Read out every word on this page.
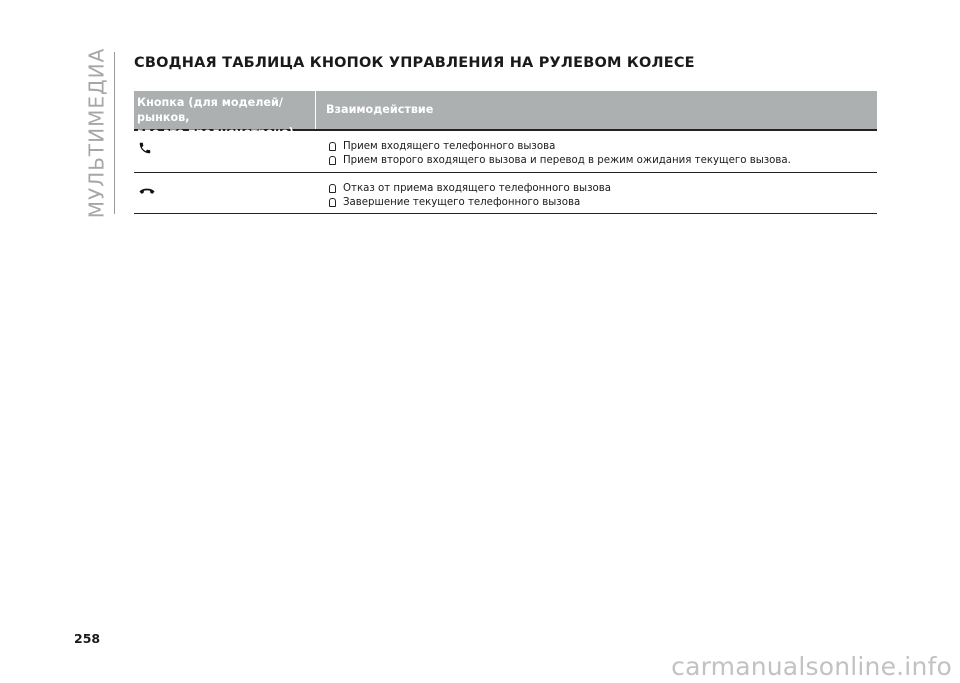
МУЛЬТИМЕДИА СВОДНАЯ ТАБЛИЦА КНОПОК УПРАВЛЕНИЯ НА РУЛЕВОМ КОЛЕСЕ
Кнопка (для моделей/рынков,
где это предусмотрено)
Взаимодействие
Прием входящего телефонного вызова
Прием второго входящего вызова и перевод в режим ожидания текущего вызова.
Отказ от приема входящего телефонного вызова
Завершение текущего телефонного вызова
258
carmanualsonline.info
